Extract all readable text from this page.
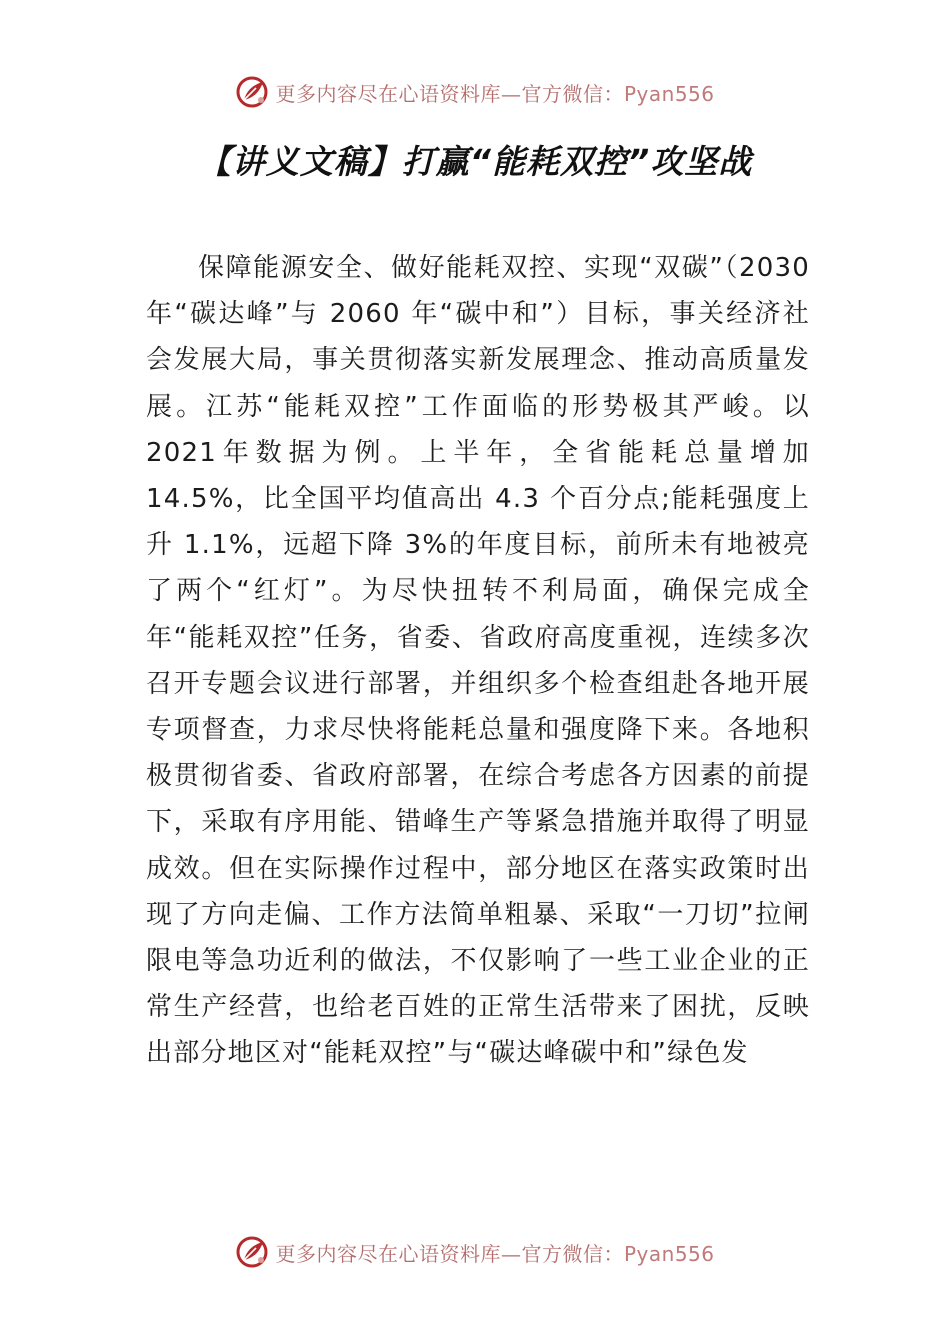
更多内容尽在心语资料库—官方微信：Pyan556
【讲义文稿】打赢“能耗双控”攻坚战

保障能源安全、做好能耗双控、实现“双碳”（2030年“碳达峰”与 2060 年“碳中和”）目标，事关经济社会发展大局，事关贯彻落实新发展理念、推动高质量发展。江苏“能耗双控”工作面临的形势极其严峻。以 2021年数据为例。上半年，全省能耗总量增加 14.5%，比全国平均值高出 4.3 个百分点;能耗强度上升 1.1%，远超下降 3%的年度目标，前所未有地被亮了两个“红灯”。为尽快扭转不利局面，确保完成全年“能耗双控”任务，省委、省政府高度重视，连续多次召开专题会议进行部署，并组织多个检查组赴各地开展专项督查，力求尽快将能耗总量和强度降下来。各地积极贯彻省委、省政府部署，在综合考虑各方因素的前提下，采取有序用能、错峰生产等紧急措施并取得了明显成效。但在实际操作过程中，部分地区在落实政策时出现了方向走偏、工作方法简单粗暴、采取“一刀切”拉闸限电等急功近利的做法，不仅影响了一些工业企业的正常生产经营，也给老百姓的正常生活带来了困扰，反映出部分地区对“能耗双控”与“碳达峰碳中和”绿色发

更多内容尽在心语资料库—官方微信：Pyan556
